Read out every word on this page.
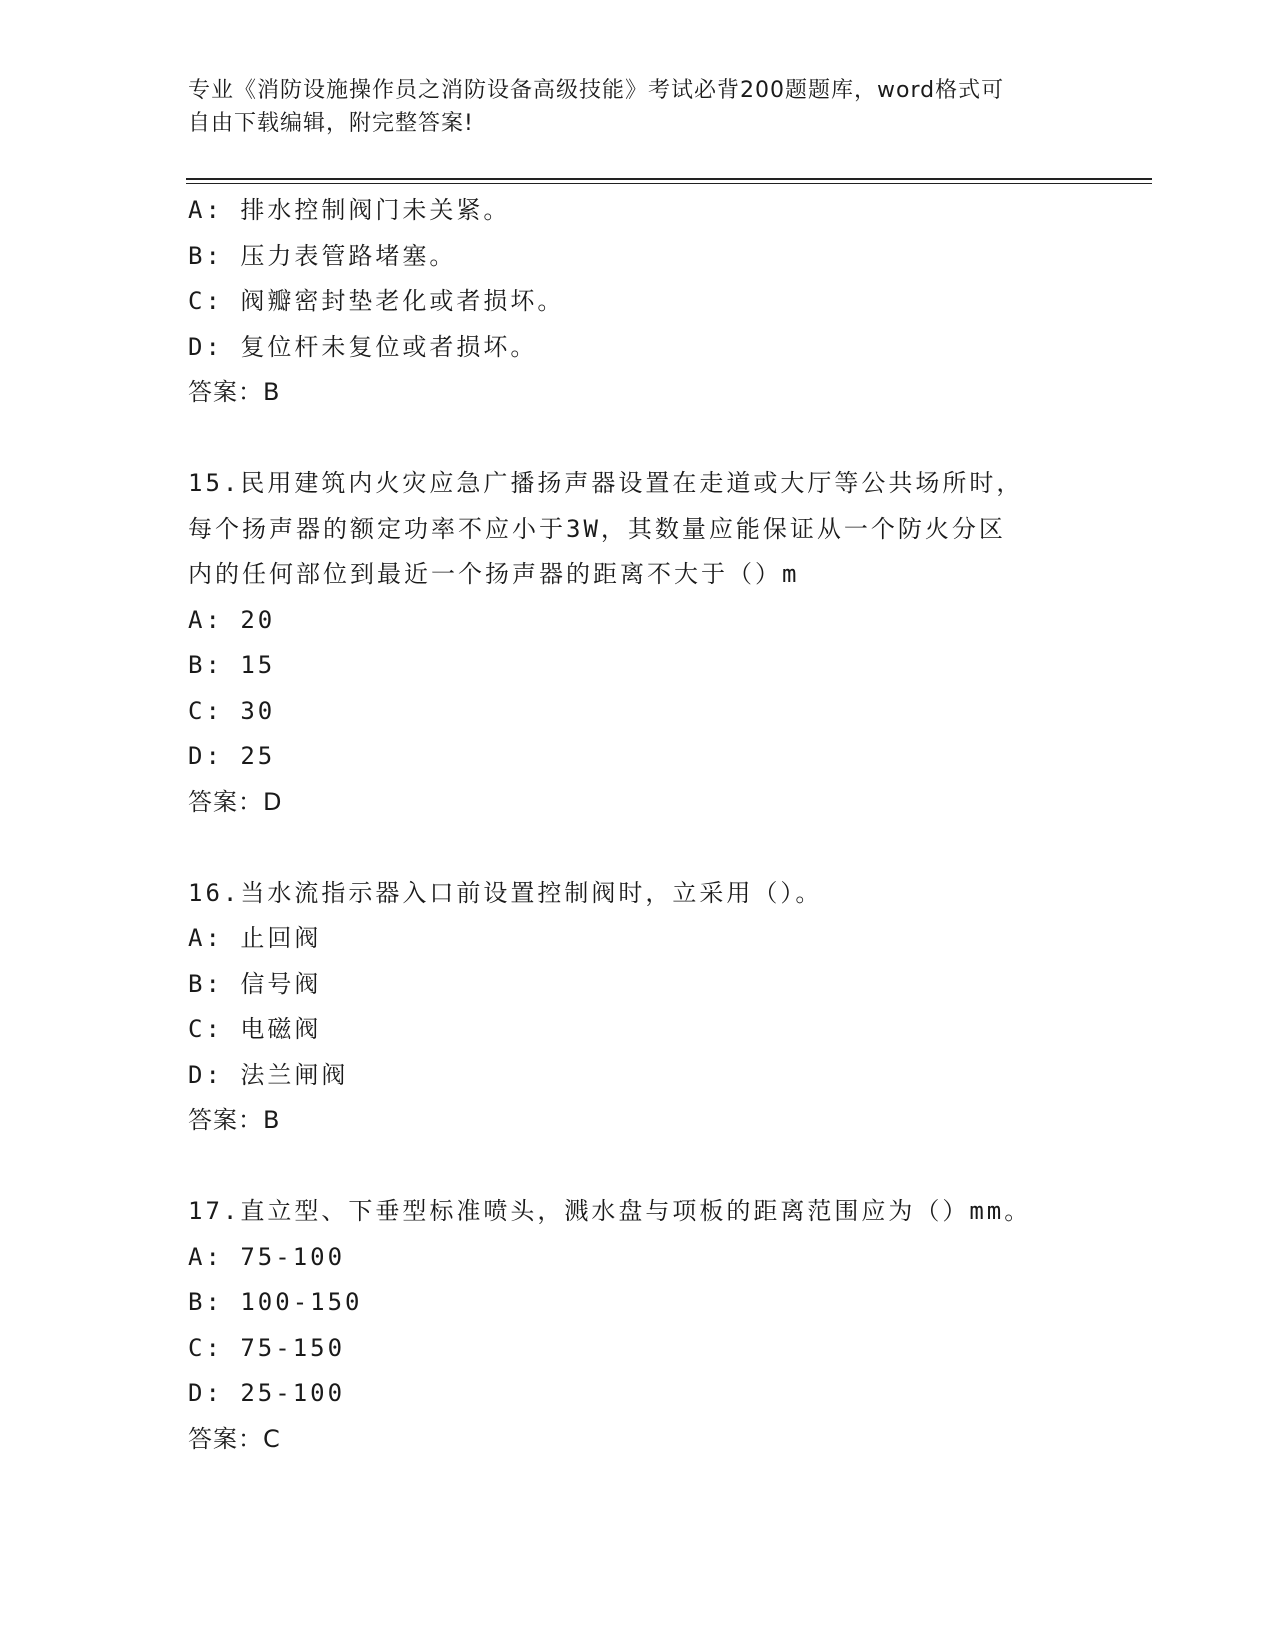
专业《消防设施操作员之消防设备高级技能》考试必背200题题库，word格式可
自由下载编辑，附完整答案!
A: 排水控制阀门未关紧。
B: 压力表管路堵塞。
C: 阀瓣密封垫老化或者损坏。
D: 复位杆未复位或者损坏。
答案：B
15.民用建筑内火灾应急广播扬声器设置在走道或大厅等公共场所时，
每个扬声器的额定功率不应小于3W，其数量应能保证从一个防火分区
内的任何部位到最近一个扬声器的距离不大于（）m
A: 20
B: 15
C: 30
D: 25
答案：D
16.当水流指示器入口前设置控制阀时，立采用（）。
A: 止回阀
B: 信号阀
C: 电磁阀
D: 法兰闸阀
答案：B
17.直立型、下垂型标准喷头，溅水盘与项板的距离范围应为（）mm。
A: 75-100
B: 100-150
C: 75-150
D: 25-100
答案：C
